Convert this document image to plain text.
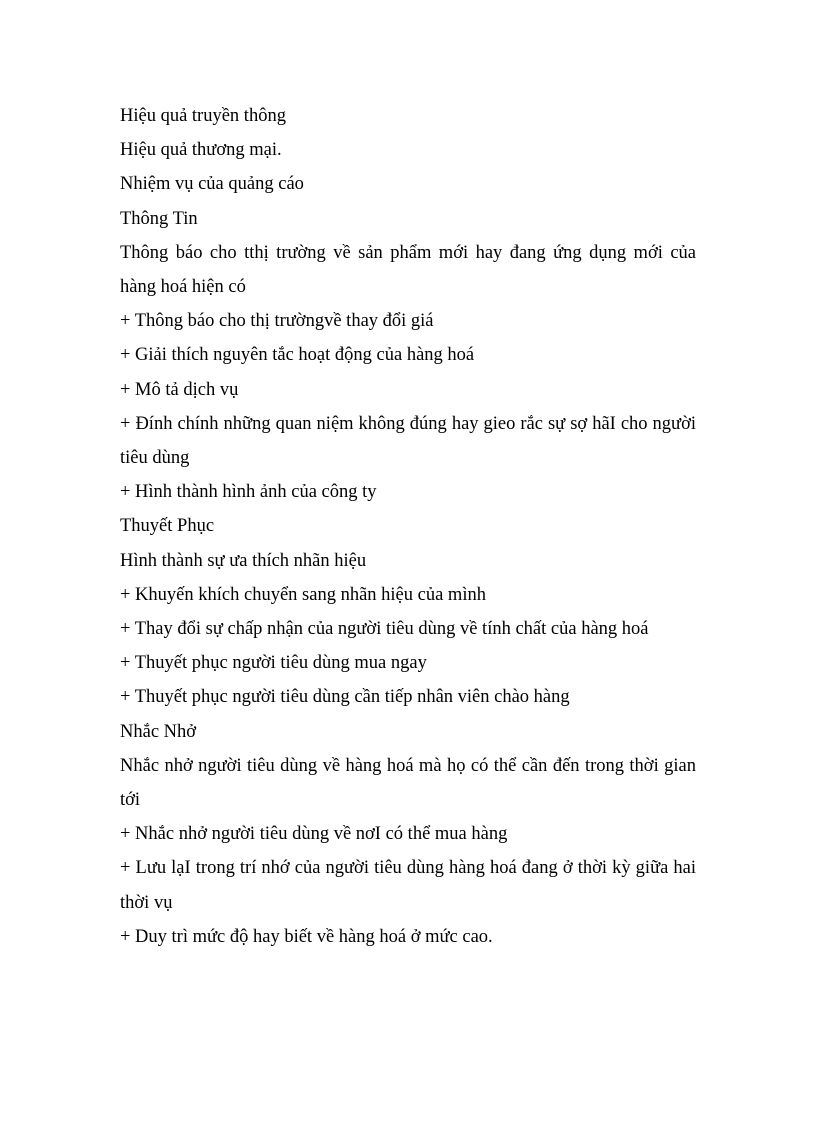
Hiệu quả truyền thông

Hiệu quả thương mại.

Nhiệm vụ của quảng cáo

Thông Tin

Thông báo cho tthị trường về sản phẩm mới hay đang ứng dụng mới của hàng hoá hiện có

+ Thông báo cho thị trườngvề thay đổi giá

+ Giải thích nguyên tắc hoạt động của hàng hoá

+ Mô tả dịch vụ

+ Đính chính những quan niệm không đúng hay gieo rắc sự sợ hãI cho người tiêu dùng

+ Hình thành hình ảnh của công ty

Thuyết Phục

Hình thành sự ưa thích nhãn hiệu

+ Khuyến khích chuyển sang nhãn hiệu của mình

+ Thay đổi sự chấp nhận của người tiêu dùng về tính chất của hàng hoá

+ Thuyết phục người tiêu dùng mua ngay

+ Thuyết phục người tiêu dùng cần tiếp nhân viên chào hàng

Nhắc Nhở

Nhắc nhở người tiêu dùng về hàng hoá mà họ có thể cần đến trong thời gian tới

+ Nhắc nhở người tiêu dùng về nơI có thể mua hàng

+ Lưu lạI trong trí nhớ của người tiêu dùng hàng hoá đang ở thời kỳ giữa hai thời vụ

+ Duy trì mức độ hay biết về hàng hoá ở mức cao.
